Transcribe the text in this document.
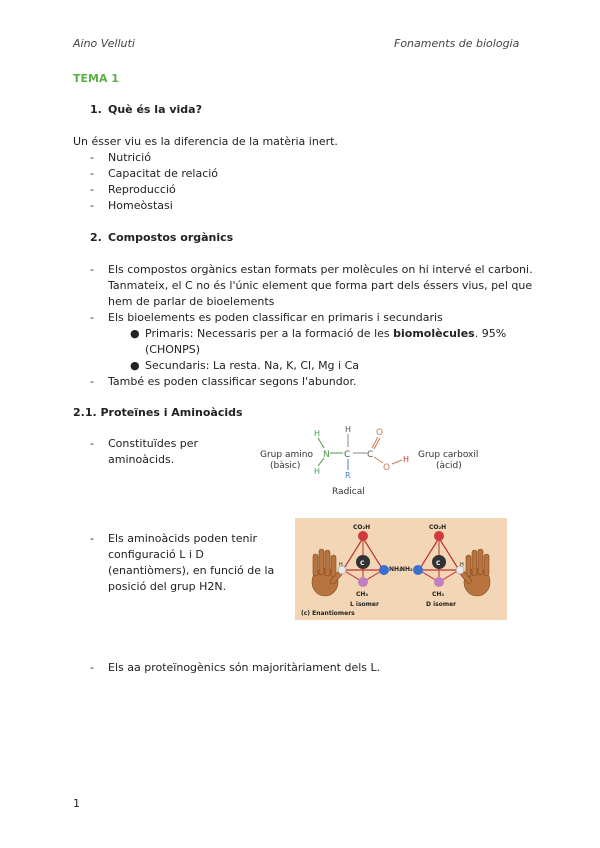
Aino Velluti	Fonaments de biologia
TEMA 1
1. Què és la vida?
Un ésser viu es la diferencia de la matèria inert.
- Nutrició
- Capacitat de relació
- Reproducció
- Homeòstasi
2. Compostos orgànics
- Els compostos orgànics estan formats per molècules on hi intervé el carboni.
Tanmateix, el C no és l'únic element que forma part dels éssers vius, pel que
hem de parlar de bioelements
- Els bioelements es poden classificar en primaris i secundaris
● Primaris: Necessaris per a la formació de les biomolècules. 95%
(CHONPS)
● Secundaris: La resta. Na, K, Cl, Mg i Ca
- També es poden classificar segons l'abundor.
2.1. Proteïnes i Aminoàcids
- Constituïdes per
aminoàcids.
H
H
N
H
C
R
C
O
O
H
Grup amino
(bàsic)
Grup carboxil
(àcid)
Radical
- Els aminoàcids poden tenir
configuració L i D
(enantiòmers), en funció de la
posició del grup H2N.
CO₂H
C
H
NH₂
CH₃
L isomer
CO₂H
C
NH₂
H
CH₃
D isomer
(c) Enantiomers
- Els aa proteïnogènics són majoritàriament dels L.
1
